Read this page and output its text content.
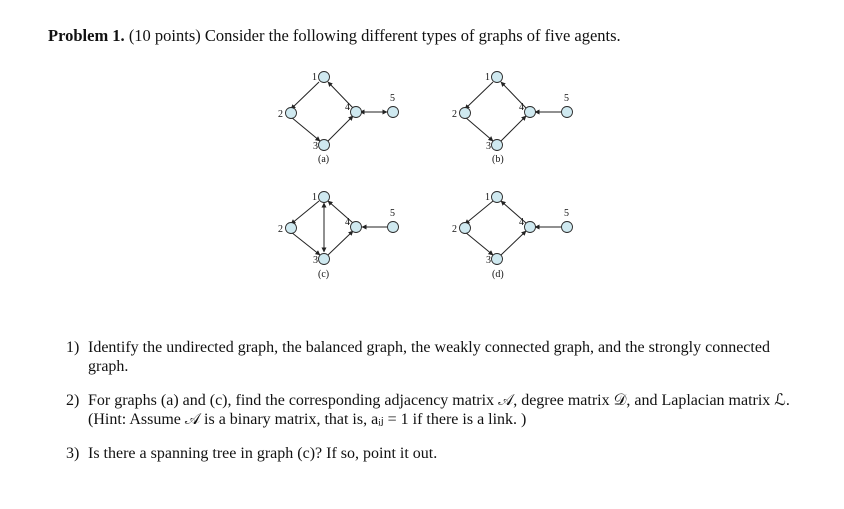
Problem 1. (10 points) Consider the following different types of graphs of five agents.
1
2
3
4
5
(a)
1
2
3
4
5
(b)
1
2
3
4
5
(c)
1
2
3
4
5
(d)
1) Identify the undirected graph, the balanced graph, the weakly connected graph, and the strongly connected graph.
2) For graphs (a) and (c), find the corresponding adjacency matrix 𝒜, degree matrix 𝒟, and Laplacian matrix ℒ. (Hint: Assume 𝒜 is a binary matrix, that is, aᵢⱼ = 1 if there is a link. )
3) Is there a spanning tree in graph (c)? If so, point it out.
